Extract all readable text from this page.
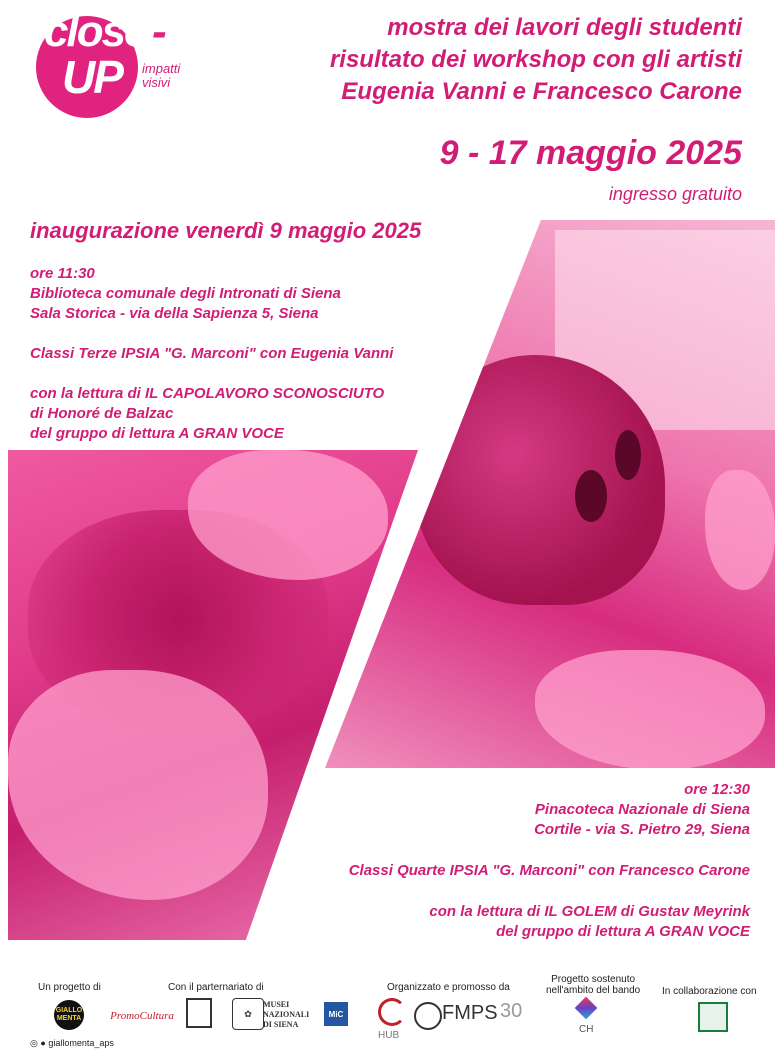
close -
UP impatti
visivi
mostra dei lavori degli studenti
risultato dei workshop con gli artisti
Eugenia Vanni e Francesco Carone
9 - 17 maggio 2025
ingresso gratuito
inaugurazione venerdì 9 maggio 2025
ore 11:30
Biblioteca comunale degli Intronati di Siena
Sala Storica - via della Sapienza 5, Siena
Classi Terze IPSIA "G. Marconi" con Eugenia Vanni
con la lettura di IL CAPOLAVORO SCONOSCIUTO
di Honoré de Balzac
del gruppo di lettura A GRAN VOCE
ore 12:30
Pinacoteca Nazionale di Siena
Cortile - via S. Pietro 29, Siena
Classi Quarte IPSIA "G. Marconi" con Francesco Carone
con la lettura di IL GOLEM di Gustav Meyrink
del gruppo di lettura A GRAN VOCE
Un progetto di	Con il parternariato di	Organizzato e promosso da
Progetto sostenuto
nell'ambito del bando In collaborazione con
GIALLO MENTA	PromoCultura	✿
MUSEI NAZIONALI DI SIENA
MiC
HUB
FMPS 30
CH
◎ ● giallomenta_aps
